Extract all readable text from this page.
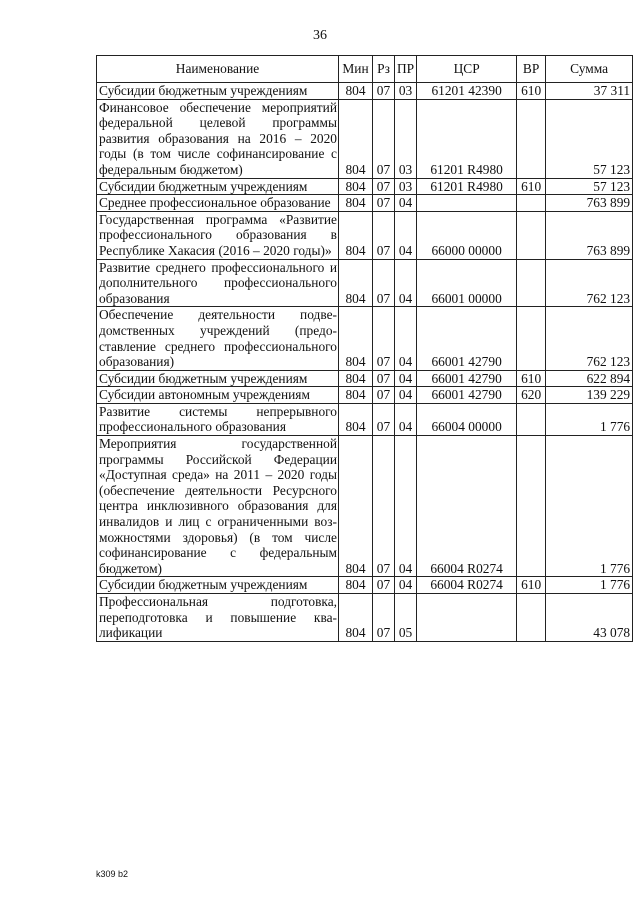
36
Наименование	Мин	Рз	ПР	ЦСР	ВР	Сумма
Субсидии бюджетным учреждениям	804	07	03	61201 42390	610	37 311
Финансовое обеспечение мероприятий федеральной целевой программы развития образования на 2016 – 2020 годы (в том числе софинансирование с федеральным бюджетом)	804	07	03	61201 R4980		57 123
Субсидии бюджетным учреждениям	804	07	03	61201 R4980	610	57 123
Среднее профессиональное образование	804	07	04			763 899
Государственная программа «Развитие профессионального образования в Республике Хакасия (2016 – 2020 годы)»	804	07	04	66000 00000		763 899
Развитие среднего профессионального и дополнительного профессионального образования	804	07	04	66001 00000		762 123
Обеспечение деятельности подведомственных учреждений (предоставление среднего профессионального образования)	804	07	04	66001 42790		762 123
Субсидии бюджетным учреждениям	804	07	04	66001 42790	610	622 894
Субсидии автономным учреждениям	804	07	04	66001 42790	620	139 229
Развитие системы непрерывного профессионального образования	804	07	04	66004 00000		1 776
Мероприятия государственной программы Российской Федерации «Доступная среда» на 2011 – 2020 годы (обеспечение деятельности Ресурсного центра инклюзивного образования для инвалидов и лиц с ограниченными возможностями здоровья) (в том числе софинансирование с федеральным бюджетом)	804	07	04	66004 R0274		1 776
Субсидии бюджетным учреждениям	804	07	04	66004 R0274	610	1 776
Профессиональная подготовка, переподготовка и повышение квалификации	804	07	05			43 078
k309 b2
